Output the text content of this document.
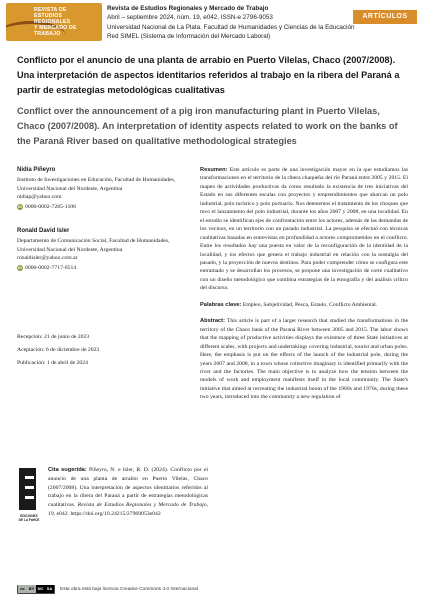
REVISTA DE
ESTUDIOS
REGIONALES
Y MERCADO DE
TRABAJO
Revista de Estudios Regionales y Mercado de Trabajo
Abril – septiembre 2024, núm. 19, e042, ISSN-e 2796-9053
Universidad Nacional de La Plata. Facultad de Humanidades y Ciencias de la Educación
Red SIMEL (Sistema de Información del Mercado Laboral)
ARTÍCULOS
Conflicto por el anuncio de una planta de arrabio en Puerto Vilelas, Chaco (2007/2008). Una interpretación de aspectos identitarios referidos al trabajo en la ribera del Paraná a partir de estrategias metodológicas cualitativas
Conflict over the announcement of a pig iron manufacturing plant in Puerto Vilelas, Chaco (2007/2008). An interpretation of identity aspects related to work on the banks of the Paraná River based on qualitative methodological strategies
Nidia Piñeyro
Instituto de Investigaciones en Educación, Facultad de Humanidades, Universidad Nacional del Nordeste, Argentina
nidiap@yahoo.com
iD 0000-0002-7285-1106
Ronald David Isler
Departamento de Comunicación Social, Facultad de Humanidades, Universidad Nacional del Nordeste, Argentina
ronaldisler@yahoo.com.ar
iD 0000-0002-7717-0514
Recepción: 21 de junio de 2023
Aceptación: 6 de diciembre de 2023
Publicación: 1 de abril de 2024
EDICIONES
DE LA FaHCE
Cita sugerida: Piñeyro, N. e Isler, R. D. (2024). Conflicto por el anuncio de una planta de arrabio en Puerto Vilelas, Chaco (2007/2008). Una interpretación de aspectos identitarios referidos al trabajo en la ribera del Paraná a partir de estrategias metodológicas cualitativas. Revista de Estudios Regionales y Mercado de Trabajo, 19, e042. https://doi.org/10.24215/27969053e042

Resumen: Este artículo es parte de una investigación mayor en la que estudiamos las transformaciones en el territorio de la ribera chaqueña del río Paraná entre 2005 y 2015. El mapeo de actividades productivas da como resultado la existencia de tres iniciativas del Estado en sus diferentes escalas con proyectos y emprendimientos que abarcan un polo industrial, polo turístico y polo portuario. Nos detenemos el tratamiento de los choques que tuvo el lanzamiento del polo industrial, durante los años 2007 y 2008, en una localidad. En el estudio se identifican ejes de confrontación entre los actores, además de las demandas de los vecinos, en un territorio con un pasado industrial. La pesquisa se efectuó con técnicas cualitativas basadas en entrevistas en profundidad a actores comprometidos en el conflicto. Entre los resultados hay una puesta en valor de la reconfiguración de la identidad de la localidad, y los efectos que genera el trabajo industrial en relación con la nostalgia del pasado, y la proyección de nuevos destinos. Para poder comprender cómo se configura este entramado y se desarrollan los procesos, se propone una investigación de corte cualitativo con un diseño metodológico que combina estrategias de la etnografía y del análisis crítico del discurso.

Palabras clave: Empleo, Subjetividad, Pesca, Estado, Conflicto Ambiental.

Abstract: This article is part of a larger research that studied the transformations in the territory of the Chaco bank of the Paraná River between 2005 and 2015. The labor shows that the mapping of productive activities displays the existence of three State initiatives at different scales, with projects and undertakings covering industrial, tourist and urban poles. Here, the emphasis is put on the effects of the launch of the industrial pole, during the years 2007 and 2008, in a town whose collective imaginary is identified primarily with the river and the factories. The main objective is to analyze how the tension between the models of work and employment manifests itself in the local community. The State's initiative that aimed at recreating the industrial boom of the 1960s and 1970s, during these two years, introduced into the community a new regulation of

cc	BY NC SA	Esta obra está bajo licencia Creative Commons 4.0 Internacional
